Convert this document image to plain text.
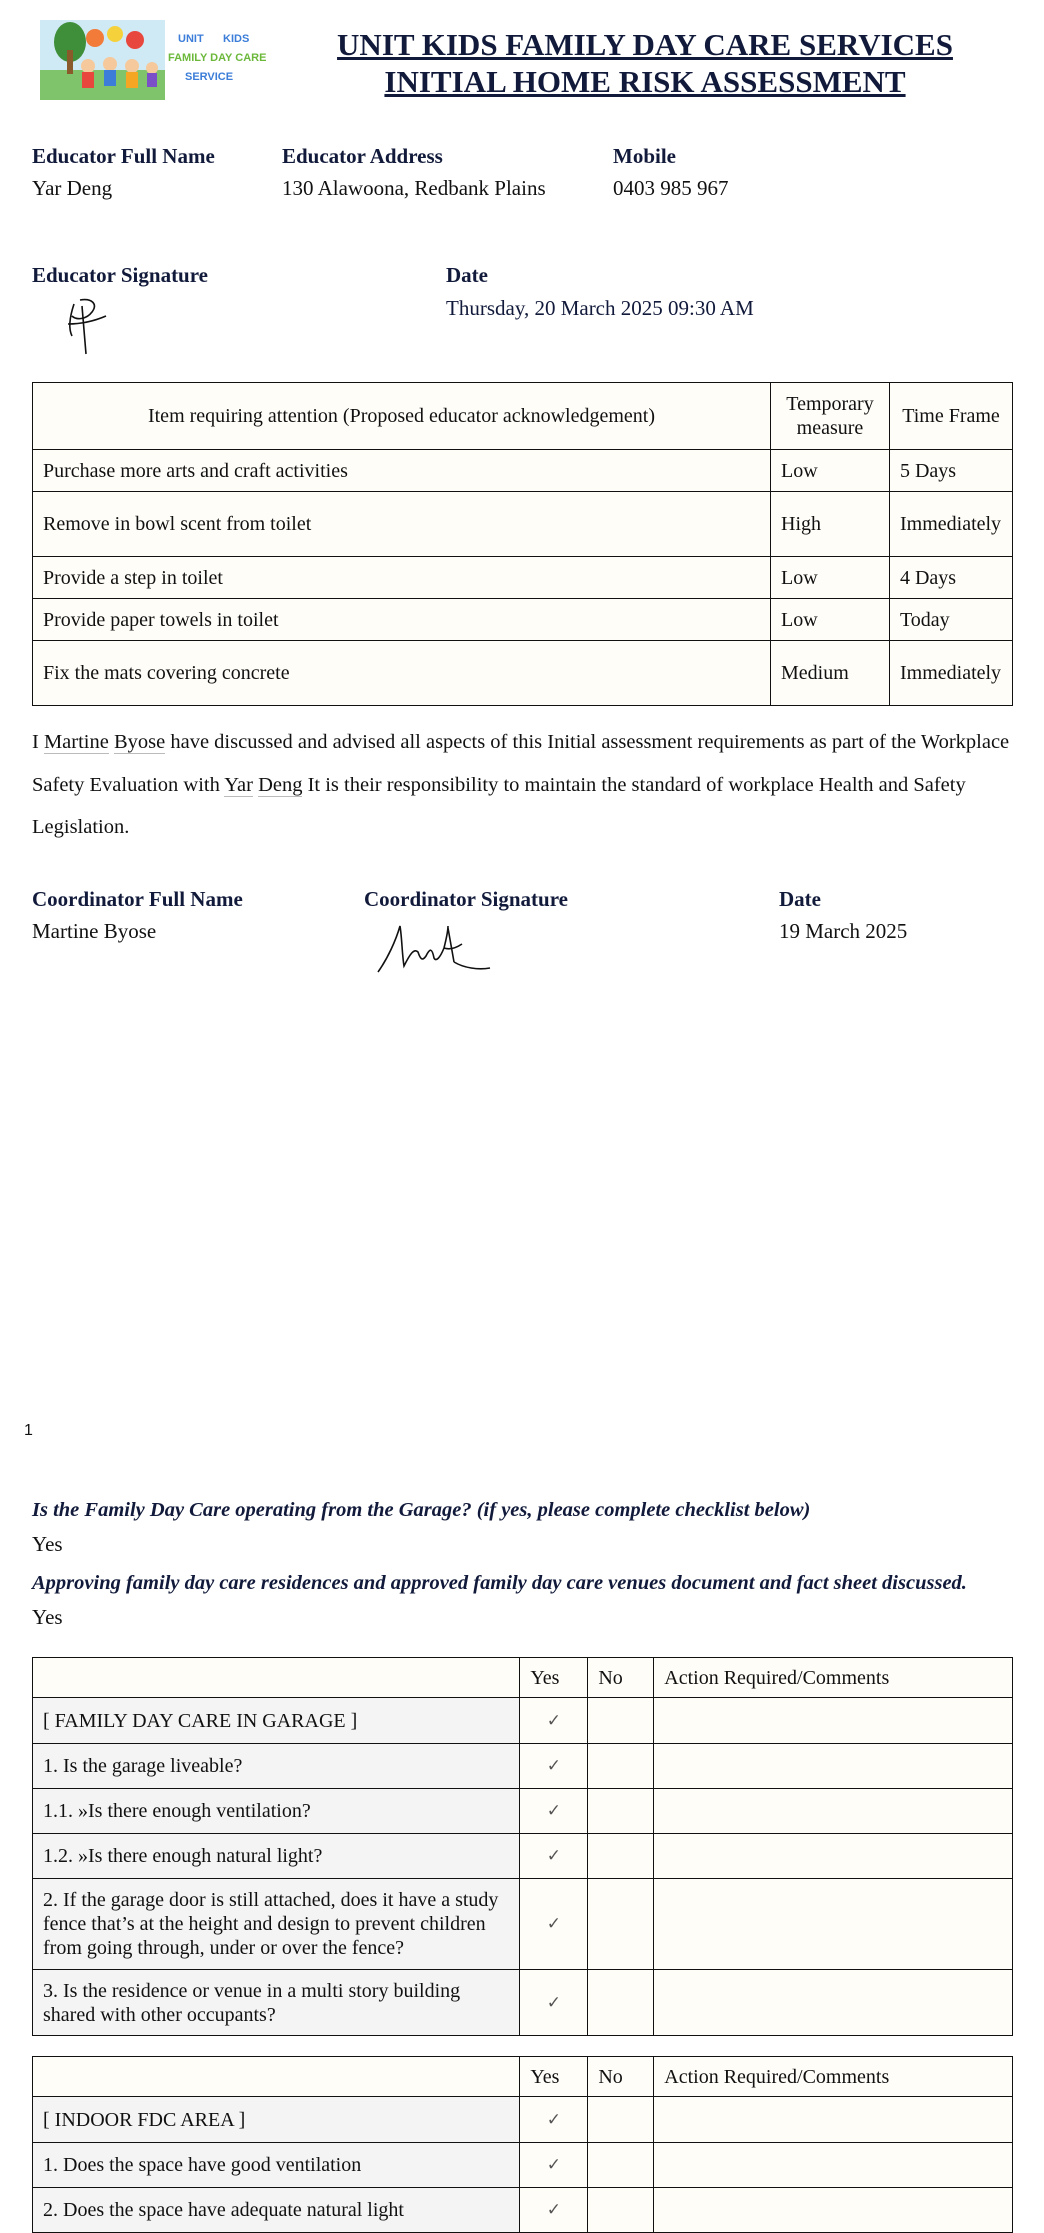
UNIT KIDS
FAMILY DAY CARE
SERVICE
UNIT KIDS FAMILY DAY CARE SERVICES
INITIAL HOME RISK ASSESSMENT
Educator Full Name
Yar Deng
Educator Address
130 Alawoona, Redbank Plains
Mobile
0403 985 967
Educator Signature	Date
Thursday, 20 March 2025 09:30 AM
Item requiring attention (Proposed educator acknowledgement)	Temporary measure	Time Frame
Purchase more arts and craft activities	Low	5 Days
Remove in bowl scent from toilet	High	Immediately
Provide a step in toilet	Low	4 Days
Provide paper towels in toilet	Low	Today
Fix the mats covering concrete	Medium	Immediately
I Martine Byose have discussed and advised all aspects of this Initial assessment requirements as part of the Workplace Safety Evaluation with Yar Deng It is their responsibility to maintain the standard of workplace Health and Safety Legislation.
Coordinator Full Name
Martine Byose
Coordinator Signature	Date
19 March 2025
1
Is the Family Day Care operating from the Garage? (if yes, please complete checklist below)
Yes
Approving family day care residences and approved family day care venues document and fact sheet discussed.
Yes
	Yes	No	Action Required/Comments
[ FAMILY DAY CARE IN GARAGE ]	✓		
1. Is the garage liveable?	✓		
1.1. »Is there enough ventilation?	✓		
1.2. »Is there enough natural light?	✓		
2. If the garage door is still attached, does it have a study fence that’s at the height and design to prevent children from going through, under or over the fence?	✓		
3. Is the residence or venue in a multi story building shared with other occupants?	✓		
	Yes	No	Action Required/Comments
[ INDOOR FDC AREA ]	✓		
1. Does the space have good ventilation	✓		
2. Does the space have adequate natural light	✓		
